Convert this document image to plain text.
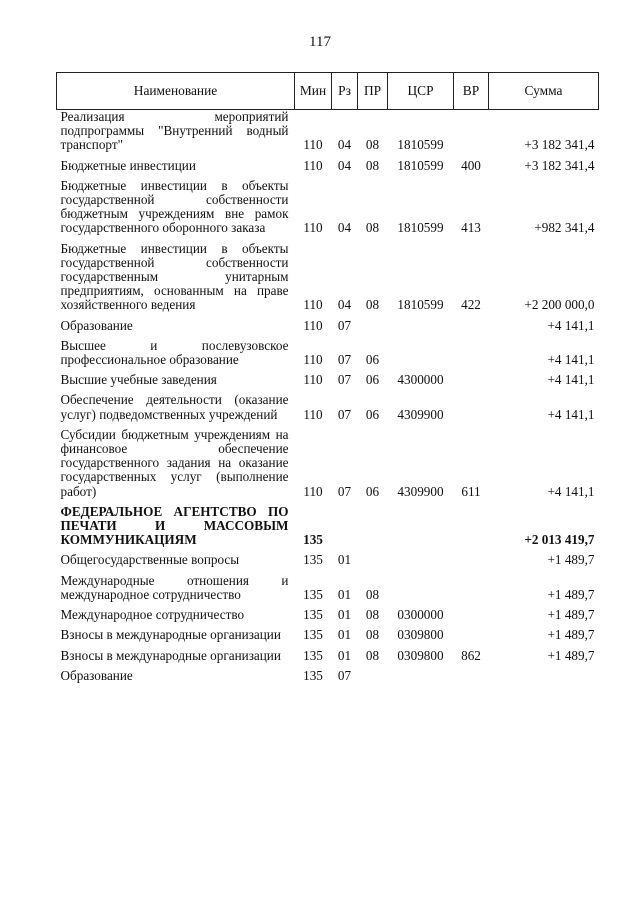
117
Наименование	Мин	Рз	ПР	ЦСР	ВР	Сумма
Реализация мероприятий подпрограммы "Внутренний водный транспорт"	110	04	08	1810599		+3 182 341,4
Бюджетные инвестиции	110	04	08	1810599	400	+3 182 341,4
Бюджетные инвестиции в объекты государственной собственности бюджетным учреждениям вне рамок государственного оборонного заказа	110	04	08	1810599	413	+982 341,4
Бюджетные инвестиции в объекты государственной собственности государственным унитарным предприятиям, основанным на праве хозяйственного ведения	110	04	08	1810599	422	+2 200 000,0
Образование	110	07				+4 141,1
Высшее и послевузовское профессиональное образование	110	07	06			+4 141,1
Высшие учебные заведения	110	07	06	4300000		+4 141,1
Обеспечение деятельности (оказание услуг) подведомственных учреждений	110	07	06	4309900		+4 141,1
Субсидии бюджетным учреждениям на финансовое обеспечение государственного задания на оказание государственных услуг (выполнение работ)	110	07	06	4309900	611	+4 141,1
ФЕДЕРАЛЬНОЕ АГЕНТСТВО ПО ПЕЧАТИ И МАССОВЫМ КОММУНИКАЦИЯМ	135					+2 013 419,7
Общегосударственные вопросы	135	01				+1 489,7
Международные отношения и международное сотрудничество	135	01	08			+1 489,7
Международное сотрудничество	135	01	08	0300000		+1 489,7
Взносы в международные организации	135	01	08	0309800		+1 489,7
Взносы в международные организации	135	01	08	0309800	862	+1 489,7
Образование	135	07				
